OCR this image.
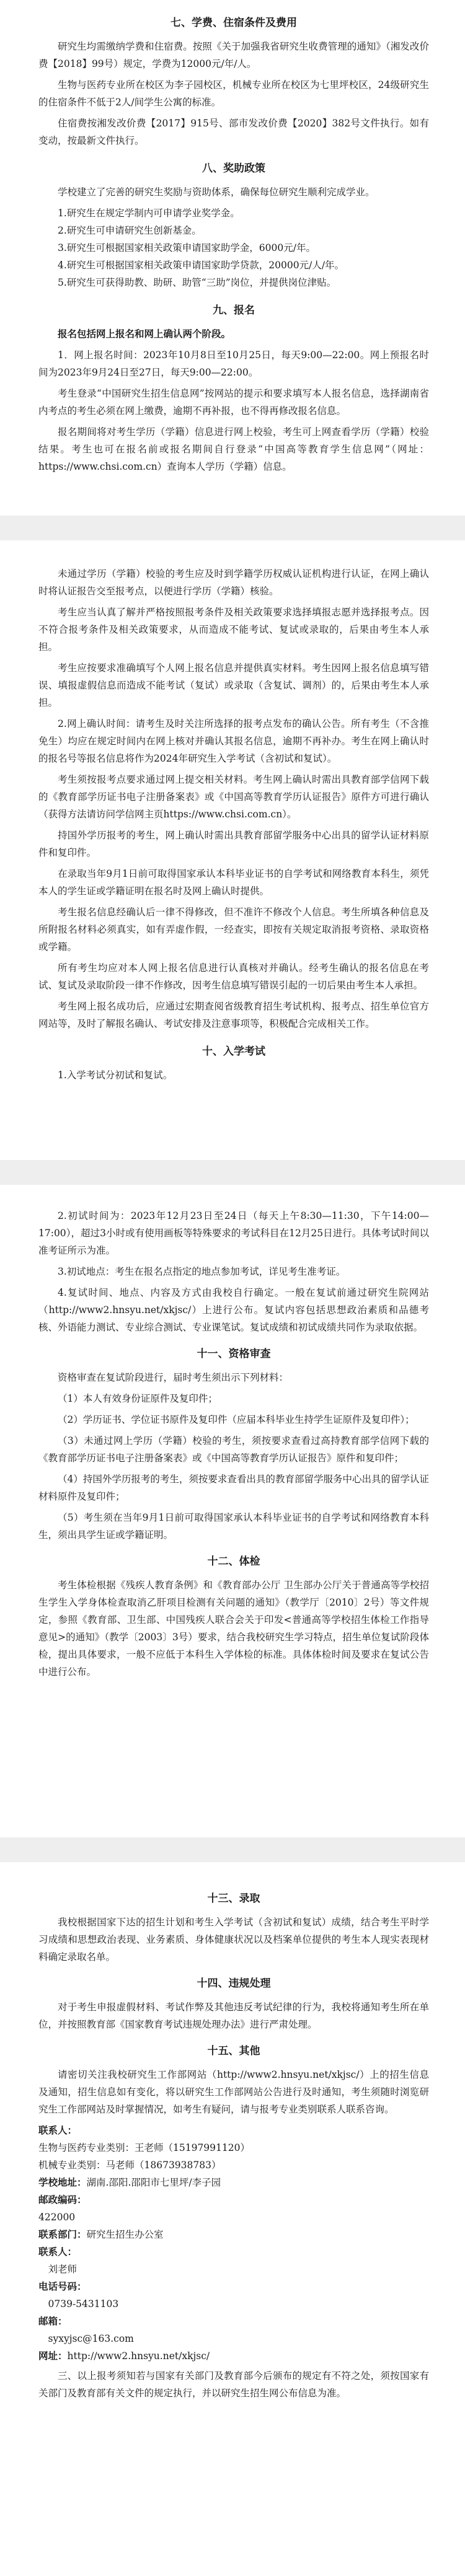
七、学费、住宿条件及费用

研究生均需缴纳学费和住宿费。按照《关于加强我省研究生收费管理的通知》（湘发改价费【2018】99号）规定，学费为12000元/年/人。

生物与医药专业所在校区为李子园校区，机械专业所在校区为七里坪校区，24级研究生的住宿条件不低于2人/间学生公寓的标准。

住宿费按湘发改价费【2017】915号、部市发改价费【2020】382号文件执行。如有变动，按最新文件执行。

八、奖助政策

学校建立了完善的研究生奖励与资助体系，确保每位研究生顺利完成学业。

1.研究生在规定学制内可申请学业奖学金。

2.研究生可申请研究生创新基金。

3.研究生可根据国家相关政策申请国家助学金，6000元/年。

4.研究生可根据国家相关政策申请国家助学贷款，20000元/人/年。

5.研究生可获得助教、助研、助管“三助”岗位，并提供岗位津贴。

九、报名

报名包括网上报名和网上确认两个阶段。

1．网上报名时间：2023年10月8日至10月25日，每天9:00—22:00。网上预报名时间为2023年9月24日至27日，每天9:00—22:00。

考生登录“中国研究生招生信息网”按网站的提示和要求填写本人报名信息，选择湖南省内考点的考生必须在网上缴费，逾期不再补报，也不得再修改报名信息。

报名期间将对考生学历（学籍）信息进行网上校验，考生可上网查看学历（学籍）校验结果。考生也可在报名前或报名期间自行登录“中国高等教育学生信息网”（网址：https://www.chsi.com.cn）查询本人学历（学籍）信息。

未通过学历（学籍）校验的考生应及时到学籍学历权威认证机构进行认证，在网上确认时将认证报告交至报考点，以便进行学历（学籍）核验。

考生应当认真了解并严格按照报考条件及相关政策要求选择填报志愿并选择报考点。因不符合报考条件及相关政策要求，从而造成不能考试、复试或录取的，后果由考生本人承担。

考生应按要求准确填写个人网上报名信息并提供真实材料。考生因网上报名信息填写错误、填报虚假信息而造成不能考试（复试）或录取（含复试、调剂）的，后果由考生本人承担。

2.网上确认时间：请考生及时关注所选择的报考点发布的确认公告。所有考生（不含推免生）均应在规定时间内在网上核对并确认其报名信息，逾期不再补办。考生在网上确认时的报名号等报名信息将作为2024年研究生入学考试（含初试和复试）。

考生须按报考点要求通过网上提交相关材料。考生网上确认时需出具教育部学信网下载的《教育部学历证书电子注册备案表》或《中国高等教育学历认证报告》原件方可进行确认（获得方法请访问学信网主页https://www.chsi.com.cn）。

持国外学历报考的考生，网上确认时需出具教育部留学服务中心出具的留学认证材料原件和复印件。

在录取当年9月1日前可取得国家承认本科毕业证书的自学考试和网络教育本科生，须凭本人的学生证或学籍证明在报名时及网上确认时提供。

考生报名信息经确认后一律不得修改，但不准许不修改个人信息。考生所填各种信息及所附报名材料必须真实，如有弄虚作假，一经查实，即按有关规定取消报考资格、录取资格或学籍。

所有考生均应对本人网上报名信息进行认真核对并确认。经考生确认的报名信息在考试、复试及录取阶段一律不作修改，因考生信息填写错误引起的一切后果由考生本人承担。

考生网上报名成功后，应通过宏期查阅省级教育招生考试机构、报考点、招生单位官方网站等，及时了解报名确认、考试安排及注意事项等，积极配合完成相关工作。

十、入学考试

1.入学考试分初试和复试。

2.初试时间为：2023年12月23日至24日（每天上午8:30—11:30，下午14:00—17:00），超过3小时或有使用画板等特殊要求的考试科目在12月25日进行。具体考试时间以准考证所示为准。

3.初试地点：考生在报名点指定的地点参加考试，详见考生准考证。

4.复试时间、地点、内容及方式由我校自行确定。一般在复试前通过研究生院网站（http://www2.hnsyu.net/xkjsc/）上进行公布。复试内容包括思想政治素质和品德考核、外语能力测试、专业综合测试、专业课笔试。复试成绩和初试成绩共同作为录取依据。

十一、资格审查

资格审查在复试阶段进行，届时考生须出示下列材料：

（1）本人有效身份证原件及复印件；

（2）学历证书、学位证书原件及复印件（应届本科毕业生持学生证原件及复印件）；

（3）未通过网上学历（学籍）校验的考生，须按要求查看过高持教育部学信网下载的《教育部学历证书电子注册备案表》或《中国高等教育学历认证报告》原件和复印件；

（4）持国外学历报考的考生，须按要求查看出具的教育部留学服务中心出具的留学认证材料原件及复印件；

（5）考生须在当年9月1日前可取得国家承认本科毕业证书的自学考试和网络教育本科生，须出具学生证或学籍证明。

十二、体检

考生体检根据《残疾人教育条例》和《教育部办公厅 卫生部办公厅关于普通高等学校招生学生入学身体检查取消乙肝项目检测有关问题的通知》（教学厅〔2010〕2号）等文件规定，参照《教育部、卫生部、中国残疾人联合会关于印发<普通高等学校招生体检工作指导意见>的通知》（教学〔2003〕3号）要求，结合我校研究生学习特点，招生单位复试阶段体检，提出具体要求，一般不应低于本科生入学体检的标准。具体体检时间及要求在复试公告中进行公布。

十三、录取

我校根据国家下达的招生计划和考生入学考试（含初试和复试）成绩，结合考生平时学习成绩和思想政治表现、业务素质、身体健康状况以及档案单位提供的考生本人现实表现材料确定录取名单。

十四、违规处理

对于考生申报虚假材料、考试作弊及其他违反考试纪律的行为，我校将通知考生所在单位，并按照教育部《国家教育考试违规处理办法》进行严肃处理。

十五、其他

请密切关注我校研究生工作部网站（http://www2.hnsyu.net/xkjsc/）上的招生信息及通知，招生信息如有变化，将以研究生工作部网站公告进行及时通知，考生须随时浏览研究生工作部网站及时掌握情况，如考生有疑问，请与报考专业类别联系人联系咨询。

联系人：
生物与医药专业类别：王老师（15197991120）
机械专业类别：马老师（18673938783）
学校地址：湖南.邵阳.邵阳市七里坪/李子园
邮政编码：
422000
联系部门：研究生招生办公室
联系人：
刘老师
电话号码：
0739-5431103
邮箱：
syxyjsc@163.com
网址：http://www2.hnsyu.net/xkjsc/

三、以上报考须知若与国家有关部门及教育部今后颁布的规定有不符之处，须按国家有关部门及教育部有关文件的规定执行，并以研究生招生网公布信息为准。
